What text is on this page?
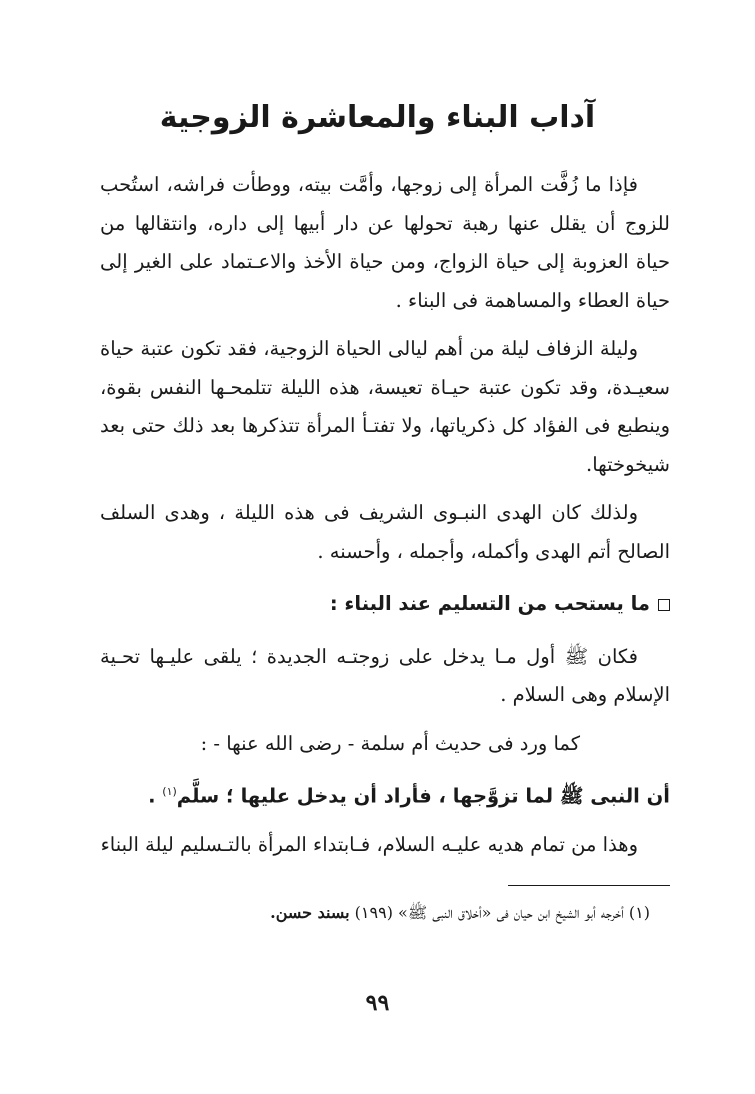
آداب البناء والمعاشرة الزوجية

فإذا ما زُفَّت المرأة إلى زوجها، وأمَّت بيته، ووطأت فراشه، استُحب للزوج أن يقلل عنها رهبة تحولها عن دار أبيها إلى داره، وانتقالها من حياة العزوبة إلى حياة الزواج، ومن حياة الأخذ والاعـتماد على الغير إلى حياة العطاء والمساهمة فى البناء .

وليلة الزفاف ليلة من أهم ليالى الحياة الزوجية، فقد تكون عتبة حياة سعيـدة، وقد تكون عتبة حيـاة تعيسة، هذه الليلة تتلمحـها النفس بقوة، وينطبع فى الفؤاد كل ذكرياتها، ولا تفتـأ المرأة تتذكرها بعد ذلك حتى بعد شيخوختها.

ولذلك كان الهدى النبـوى الشريف فى هذه الليلة ، وهدى السلف الصالح أتم الهدى وأكمله، وأجمله ، وأحسنه .

ما يستحب من التسليم عند البناء :

فكان ﷺ أول مـا يدخل على زوجتـه الجديدة ؛ يلقى عليـها تحـية الإسلام وهى السلام .

كما ورد فى حديث أم سلمة - رضى الله عنها - :

أن النبى ﷺ لما تزوَّجها ، فأراد أن يدخل عليها ؛ سلَّم$^{(١)}$ .

وهذا من تمام هديه عليـه السلام، فـابتداء المرأة بالتـسليم ليلة البناء

(١) أخرجه أبو الشيخ ابن حيان فى «أخلاق النبى ﷺ» (١٩٩) بسند حسن.

٩٩
